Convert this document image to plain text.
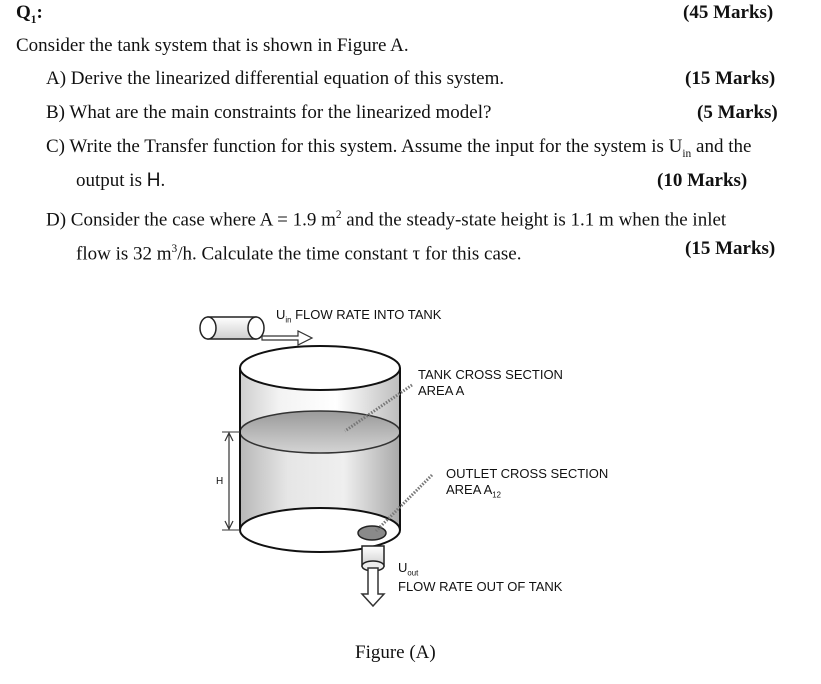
$Q_1$:	(45 Marks)
Consider the tank system that is shown in Figure A.
A) Derive the linearized differential equation of this system.	(15 Marks)
B) What are the main constraints for the linearized model?	(5 Marks)
C) Write the Transfer function for this system. Assume the input for the system is $U_{in}$ and the
output is H.	(10 Marks)
D) Consider the case where A = 1.9 $m^2$ and the steady-state height is 1.1 m when the inlet
flow is 32 $m^3/h$. Calculate the time constant τ for this case.	(15 Marks)
$U_{in}$ FLOW RATE INTO TANK
TANK CROSS SECTION
AREA A
OUTLET CROSS SECTION
AREA $A_{12}$
H
$U_{out}$
FLOW RATE OUT OF TANK
Figure (A)
